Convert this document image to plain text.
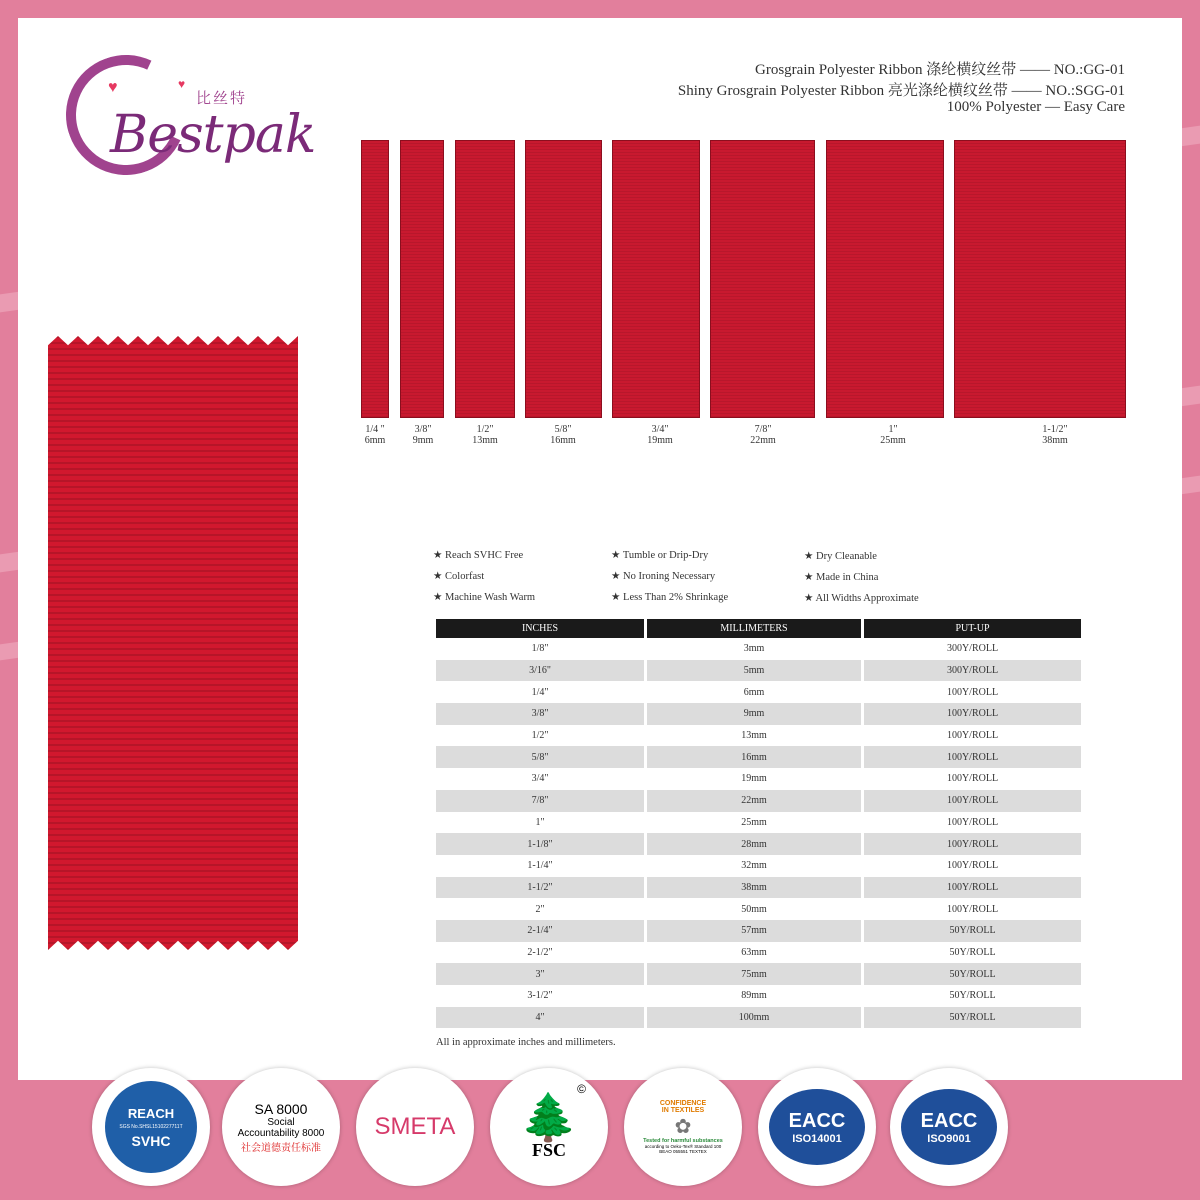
♥	♥
比丝特
Bestpak
Grosgrain Polyester Ribbon 涤纶横纹丝带 —— NO.:GG-01
Shiny Grosgrain Polyester Ribbon 亮光涤纶横纹丝带 —— NO.:SGG-01
100% Polyester — Easy Care
1/4 "
6mm
3/8"
9mm
1/2"
13mm
5/8"
16mm
3/4"
19mm
7/8"
22mm
1"
25mm
1-1/2"
38mm
★ Reach SVHC Free
★ Colorfast
★ Machine Wash Warm
★ Tumble or Drip-Dry
★ No Ironing Necessary
★ Less Than 2% Shrinkage
★ Dry Cleanable
★ Made in China
★ All Widths Approximate
INCHES	MILLIMETERS	PUT-UP
1/8"	3mm	300Y/ROLL
3/16"	5mm	300Y/ROLL
1/4"	6mm	100Y/ROLL
3/8"	9mm	100Y/ROLL
1/2"	13mm	100Y/ROLL
5/8"	16mm	100Y/ROLL
3/4"	19mm	100Y/ROLL
7/8"	22mm	100Y/ROLL
1"	25mm	100Y/ROLL
1-1/8"	28mm	100Y/ROLL
1-1/4"	32mm	100Y/ROLL
1-1/2"	38mm	100Y/ROLL
2"	50mm	100Y/ROLL
2-1/4"	57mm	50Y/ROLL
2-1/2"	63mm	50Y/ROLL
3"	75mm	50Y/ROLL
3-1/2"	89mm	50Y/ROLL
4"	100mm	50Y/ROLL
All in approximate inches and millimeters.
REACH
SGS No.SHSL1510227711T
SVHC
SA 8000
Social
Accountability 8000
社会道德责任标准
SMETA 🌲
FSC
©
CONFIDENCE
IN TEXTILES
✿
Tested for harmful substances
according to Oeko-Tex® Standard 100
BEAO 055551 TEXTEX
EACC
ISO14001
EACC
ISO9001
